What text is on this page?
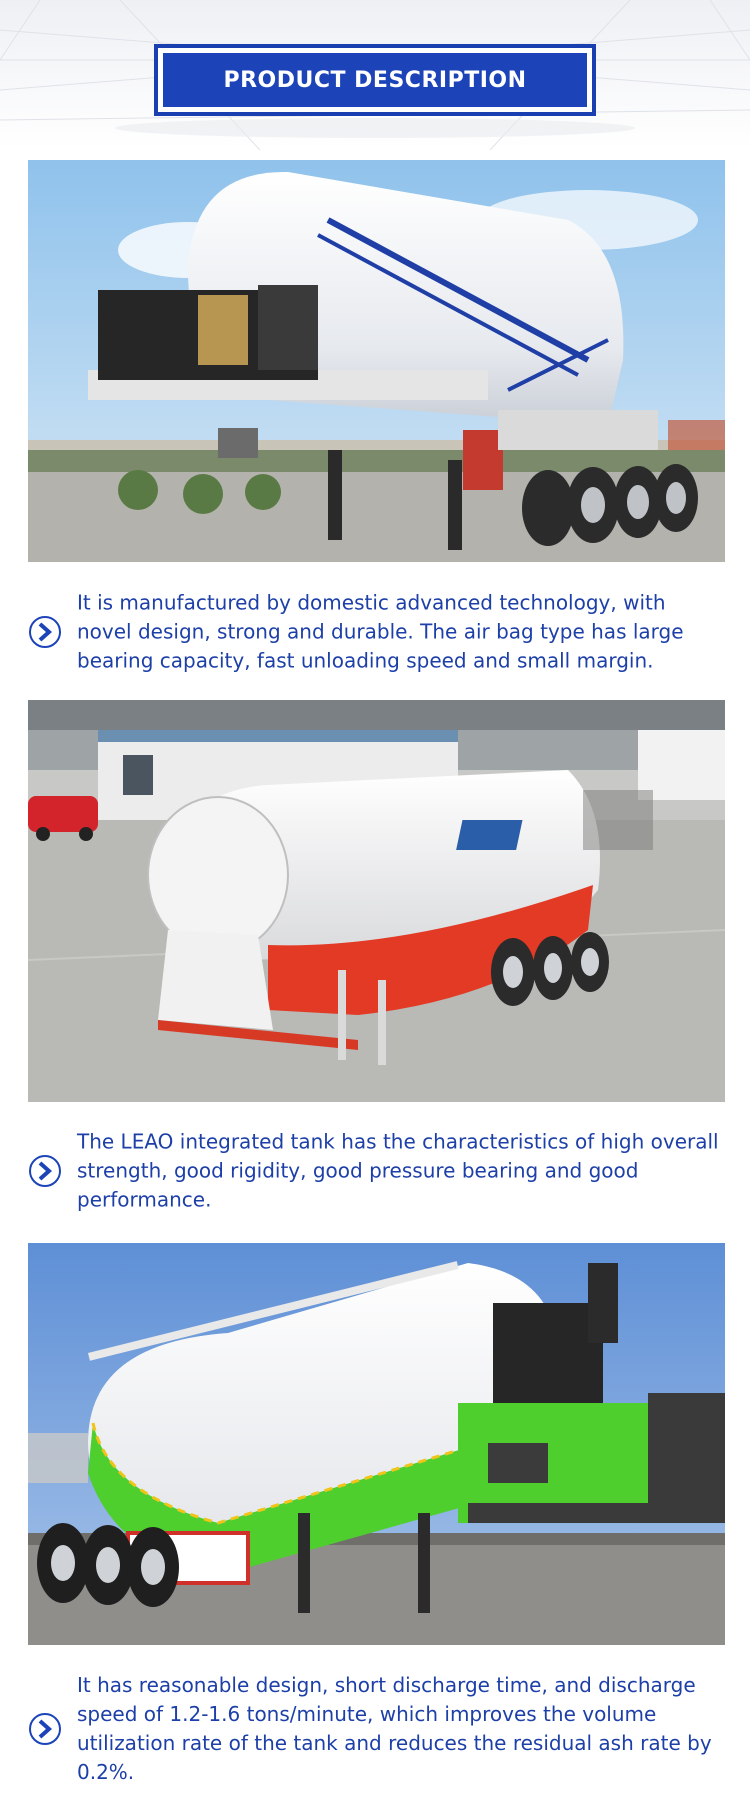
PRODUCT DESCRIPTION

It is manufactured by domestic advanced technology, with novel design, strong and durable. The air bag type has large bearing capacity, fast unloading speed and small margin.

The LEAO integrated tank has the characteristics of high overall strength, good rigidity, good pressure bearing and good performance.

It has reasonable design, short discharge time, and discharge speed of 1.2-1.6 tons/minute, which improves the volume utilization rate of the tank and reduces the residual ash rate by 0.2%.
